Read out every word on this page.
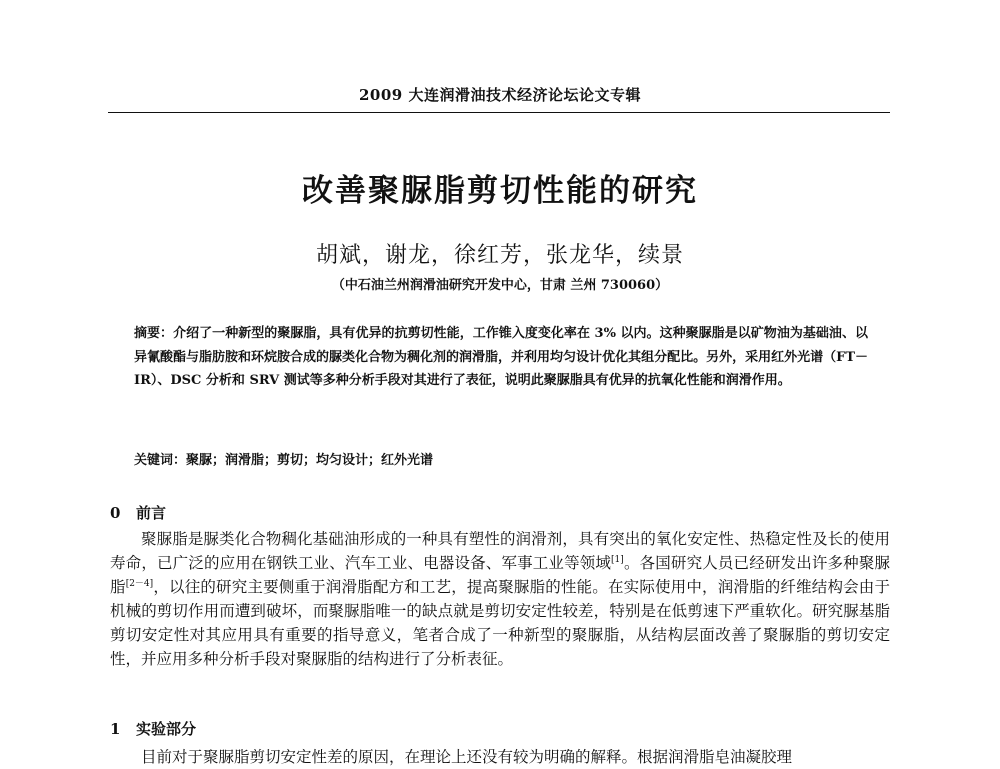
2009 大连润滑油技术经济论坛论文专辑
改善聚脲脂剪切性能的研究
胡斌，谢龙，徐红芳，张龙华，续景
（中石油兰州润滑油研究开发中心，甘肃 兰州 730060）
摘要：介绍了一种新型的聚脲脂，具有优异的抗剪切性能，工作锥入度变化率在 3% 以内。这种聚脲脂是以矿物油为基础油、以异氰酸酯与脂肪胺和环烷胺合成的脲类化合物为稠化剂的润滑脂，并利用均匀设计优化其组分配比。另外，采用红外光谱（FT－IR）、DSC 分析和 SRV 测试等多种分析手段对其进行了表征，说明此聚脲脂具有优异的抗氧化性能和润滑作用。
关键词：聚脲；润滑脂；剪切；均匀设计；红外光谱
0 前言
聚脲脂是脲类化合物稠化基础油形成的一种具有塑性的润滑剂，具有突出的氧化安定性、热稳定性及长的使用寿命，已广泛的应用在钢铁工业、汽车工业、电器设备、军事工业等领域[1]。各国研究人员已经研发出许多种聚脲脂[2－4]，以往的研究主要侧重于润滑脂配方和工艺，提高聚脲脂的性能。在实际使用中，润滑脂的纤维结构会由于机械的剪切作用而遭到破坏，而聚脲脂唯一的缺点就是剪切安定性较差，特别是在低剪速下严重软化。研究脲基脂剪切安定性对其应用具有重要的指导意义，笔者合成了一种新型的聚脲脂，从结构层面改善了聚脲脂的剪切安定性，并应用多种分析手段对聚脲脂的结构进行了分析表征。
1 实验部分
目前对于聚脲脂剪切安定性差的原因，在理论上还没有较为明确的解释。根据润滑脂皂油凝胶理
